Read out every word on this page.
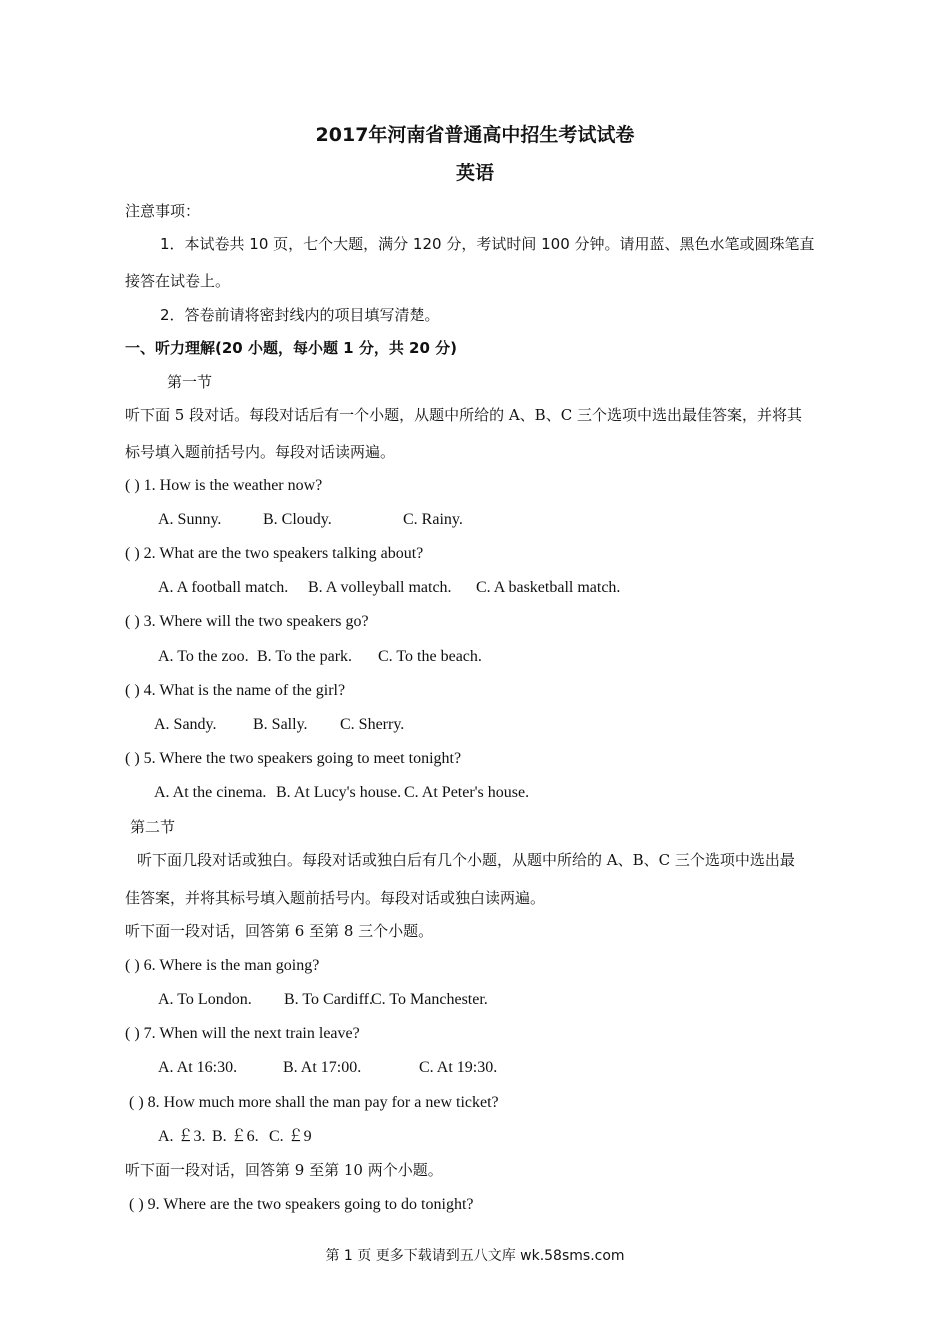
2017年河南省普通高中招生考试试卷
英语
注意事项：
1．本试卷共 10 页，七个大题，满分 120 分，考试时间 100 分钟。请用蓝、黑色水笔或圆珠笔直
接答在试卷上。
2．答卷前请将密封线内的项目填写清楚。
一、听力理解(20 小题，每小题 1 分，共 20 分)
第一节
听下面 5 段对话。每段对话后有一个小题，从题中所给的 A、B、C 三个选项中选出最佳答案，并将其
标号填入题前括号内。每段对话读两遍。
( ) 1. How is the weather now?
A. Sunny.	B. Cloudy.	C. Rainy.
( ) 2. What are the two speakers talking about?
A. A football match. B. A volleyball match. C. A basketball match.
( ) 3. Where will the two speakers go?
A. To the zoo. B. To the park. C. To the beach.
( ) 4. What is the name of the girl?
A. Sandy. B. Sally. C. Sherry.
( ) 5. Where the two speakers going to meet tonight?
A. At the cinema. B. At Lucy's house. C. At Peter's house.
第二节
听下面几段对话或独白。每段对话或独白后有几个小题，从题中所给的 A、B、C 三个选项中选出最
佳答案，并将其标号填入题前括号内。每段对话或独白读两遍。
听下面一段对话，回答第 6 至第 8 三个小题。
( ) 6. Where is the man going?
A. To London. B. To Cardiff.C. To Manchester.
( ) 7. When will the next train leave?
A. At 16:30.	B. At 17:00.	C. At 19:30.
( ) 8. How much more shall the man pay for a new ticket?
A. ￡3. B. ￡6. C. ￡9
听下面一段对话，回答第 9 至第 10 两个小题。
( ) 9. Where are the two speakers going to do tonight?
第 1 页 更多下载请到五八文库 wk.58sms.com
